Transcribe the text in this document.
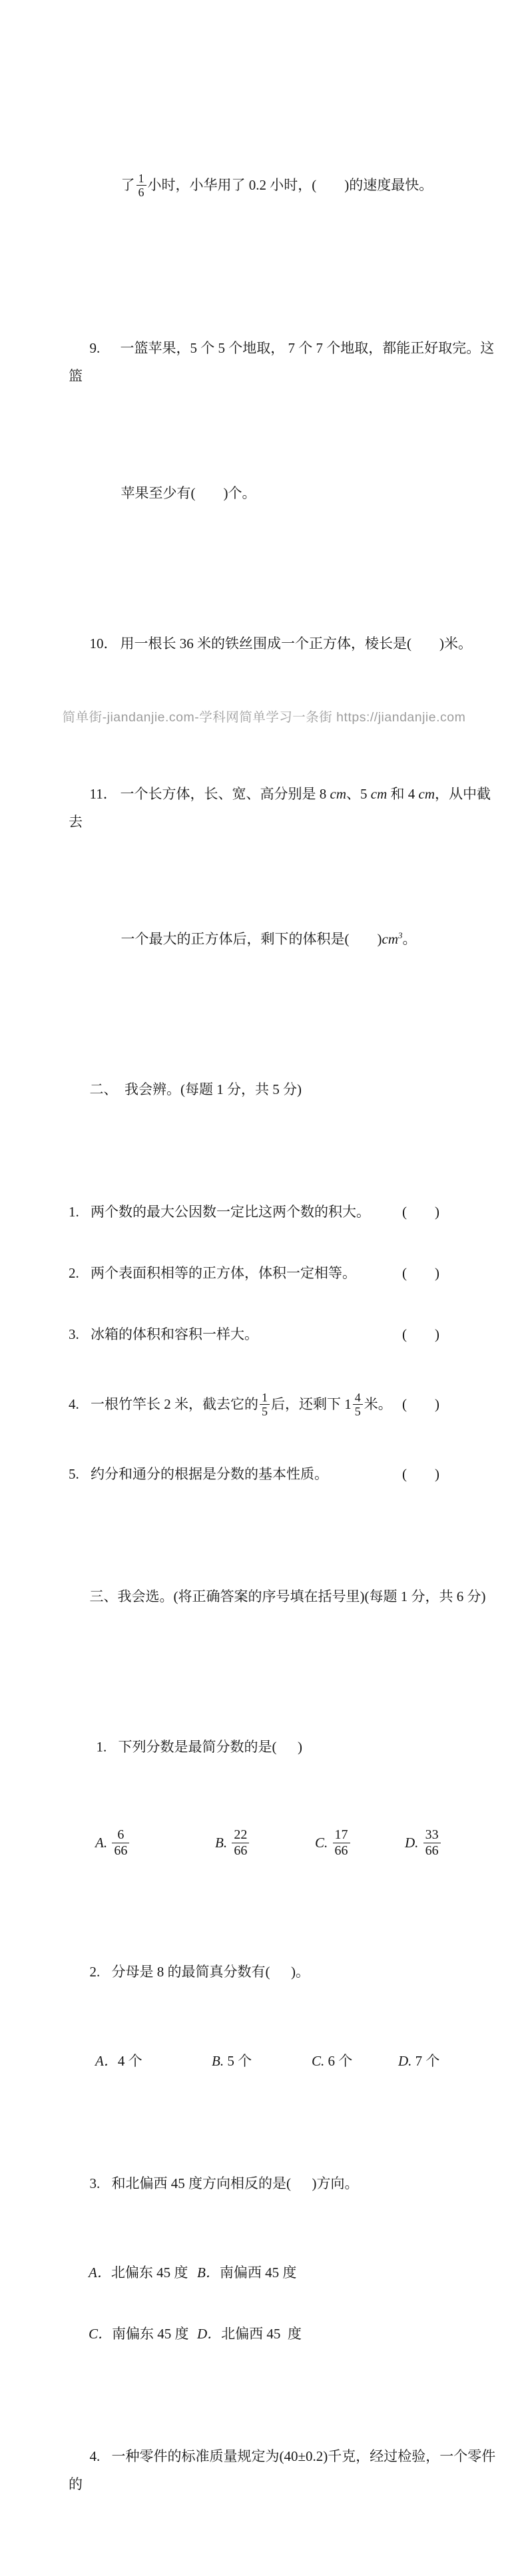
了 $\frac{1}{6}$ 小时，小华用了 0.2 小时，(        )的速度最快。

9. 一篮苹果，5 个 5 个地取， 7 个 7 个地取，都能正好取完。这篮

苹果至少有(        )个。

10． 用一根长 36 米的铁丝围成一个正方体，棱长是(        )米。

11． 一个长方体，长、宽、高分别是 8 cm、5 cm 和 4 cm，从中截去

一个最大的正方体后，剩下的体积是(        )$cm^3$。

二、  我会辨。(每题 1 分，共 5 分)

1. 两个数的最大公因数一定比这两个数的积大。 (        )

2. 两个表面积相等的正方体，体积一定相等。	(        )

3. 冰箱的体积和容积一样大。	(        )

4. 一根竹竿长 2 米，截去它的 $\frac{1}{5}$ 后，还剩下 $1 \frac{4}{5}$ 米。 (        )

5. 约分和通分的根据是分数的基本性质。	(        )

三、我会选。(将正确答案的序号填在括号里)(每题 1 分，共 6 分)

1. 下列分数是最简分数的是(      )

A. $\frac{6}{66}$	B. $\frac{22}{66}$	C. $\frac{17}{66}$	D. $\frac{33}{66}$

2. 分母是 8 的最简真分数有(      )。

A．4 个	B. 5 个	C. 6 个	D. 7 个

3. 和北偏西 45 度方向相反的是(      )方向。

A．北偏东 45 度 B．南偏西 45 度

C．南偏东 45 度 D．北偏西 45  度

4. 一种零件的标准质量规定为(40±0.2)千克，经过检验，一个零件的

简单街-jiandanjie.com-学科网简单学习一条街 https://jiandanjie.com
